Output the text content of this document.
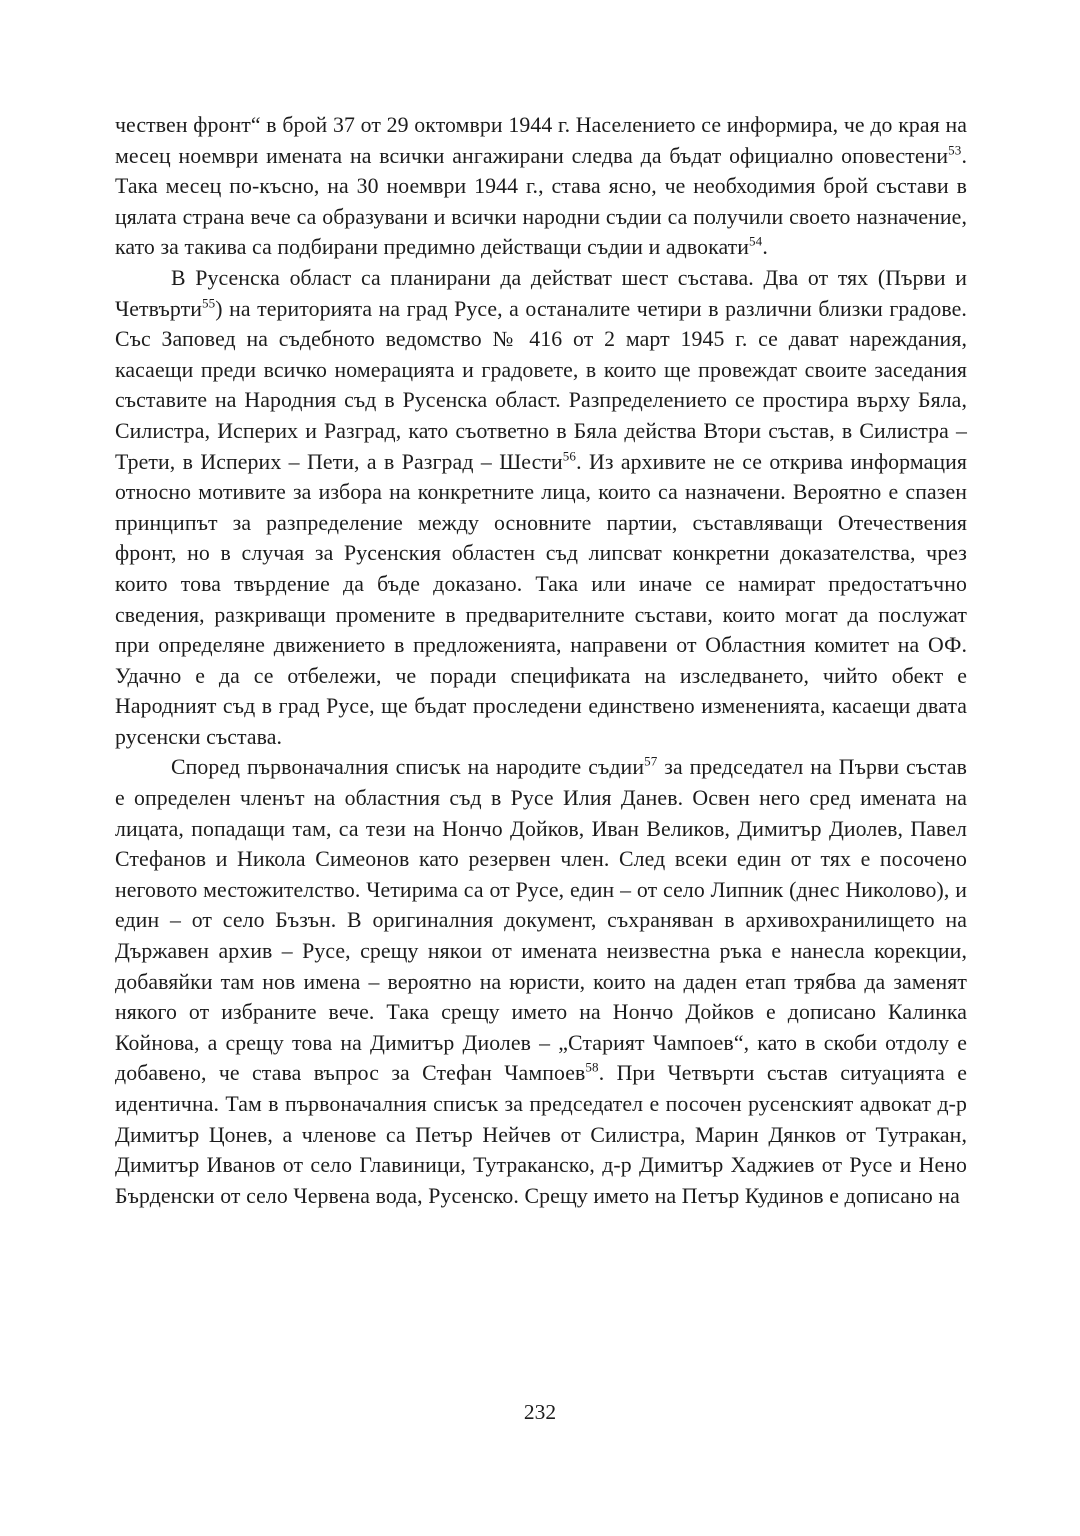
чествен фронт“ в брой 37 от 29 октомври 1944 г. Населението се информира, че до края на месец ноември имената на всички ангажирани следва да бъдат официално оповестени$^{53}$. Така месец по-късно, на 30 ноември 1944 г., става ясно, че необходимия брой състави в цялата страна вече са образувани и всички народни съдии са получили своето назначение, като за такива са подбирани предимно действащи съдии и адвокати$^{54}$.

В Русенска област са планирани да действат шест състава. Два от тях (Първи и Четвърти$^{55}$) на територията на град Русе, а останалите четири в различни близки градове. Със Заповед на съдебното ведомство № 416 от 2 март 1945 г. се дават нареждания, касаещи преди всичко номерацията и градовете, в които ще провеждат своите заседания съставите на Народния съд в Русенска област. Разпределението се простира върху Бяла, Силистра, Исперих и Разград, като съответно в Бяла действа Втори състав, в Силистра – Трети, в Исперих – Пети, а в Разград – Шести$^{56}$. Из архивите не се открива информация относно мотивите за избора на конкретните лица, които са назначени. Вероятно е спазен принципът за разпределение между основните партии, съставляващи Отечествения фронт, но в случая за Русенския областен съд липсват конкретни доказателства, чрез които това твърдение да бъде доказано. Така или иначе се намират предостатъчно сведения, разкриващи промените в предварителните състави, които могат да послужат при определяне движението в предложенията, направени от Областния комитет на ОФ. Удачно е да се отбележи, че поради спецификата на изследването, чийто обект е Народният съд в град Русе, ще бъдат проследени единствено измененията, касаещи двата русенски състава.

Според първоначалния списък на народите съдии$^{57}$ за председател на Първи състав е определен членът на областния съд в Русе Илия Данев. Освен него сред имената на лицата, попадащи там, са тези на Нончо Дойков, Иван Великов, Димитър Диолев, Павел Стефанов и Никола Симеонов като резервен член. След всеки един от тях е посочено неговото местожителство. Четирима са от Русе, един – от село Липник (днес Николово), и един – от село Бъзън. В оригиналния документ, съхраняван в архивохранилището на Държавен архив – Русе, срещу някои от имената неизвестна ръка е нанесла корекции, добавяйки там нов имена – вероятно на юристи, които на даден етап трябва да заменят някого от избраните вече. Така срещу името на Нончо Дойков е дописано Калинка Койнова, а срещу това на Димитър Диолев – „Старият Чампоев“, като в скоби отдолу е добавено, че става въпрос за Стефан Чампоев$^{58}$. При Четвърти състав ситуацията е идентична. Там в първоначалния списък за председател е посочен русенският адвокат д-р Димитър Цонев, а членове са Петър Нейчев от Силистра, Марин Дянков от Тутракан, Димитър Иванов от село Главиници, Тутраканско, д-р Димитър Хаджиев от Русе и Нено Бърденски от село Червена вода, Русенско. Срещу името на Петър Кудинов е дописано на

232
